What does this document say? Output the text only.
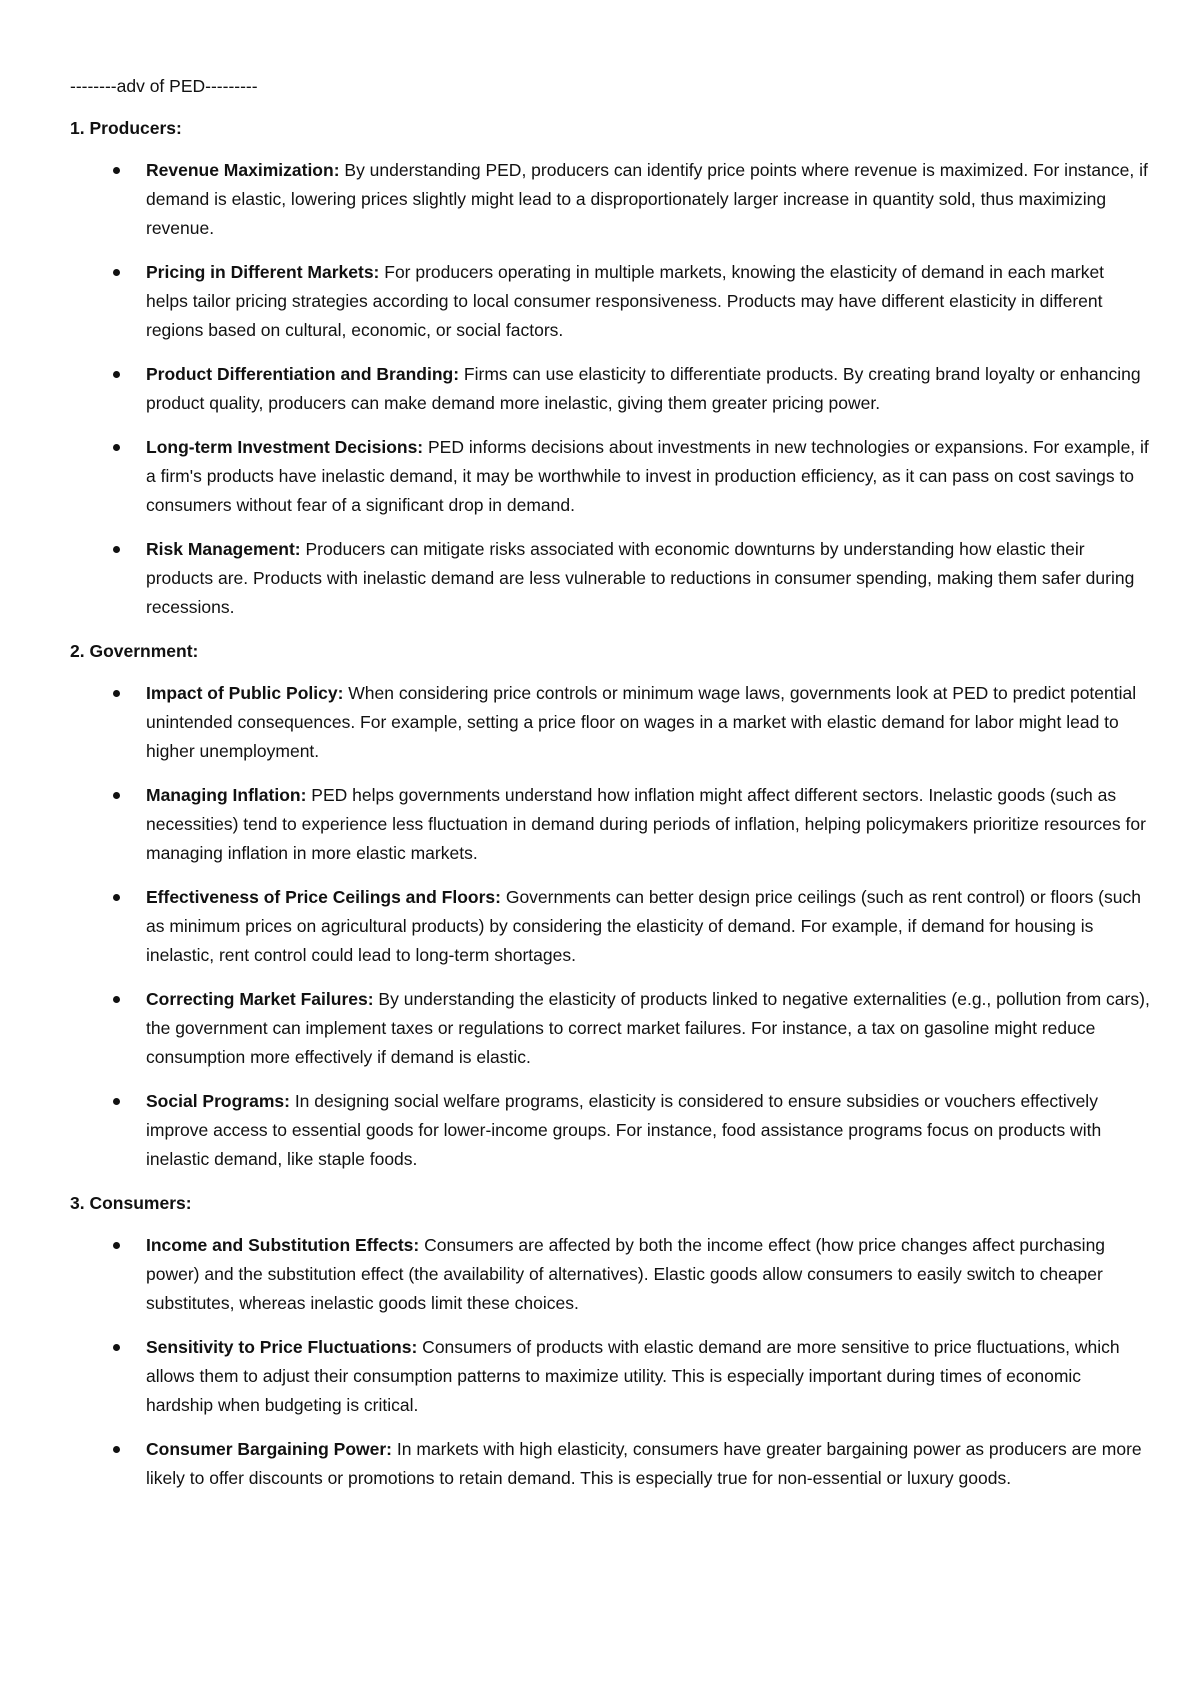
--------adv of PED---------
1. Producers:
Revenue Maximization: By understanding PED, producers can identify price points where revenue is maximized. For instance, if demand is elastic, lowering prices slightly might lead to a disproportionately larger increase in quantity sold, thus maximizing revenue.
Pricing in Different Markets: For producers operating in multiple markets, knowing the elasticity of demand in each market helps tailor pricing strategies according to local consumer responsiveness. Products may have different elasticity in different regions based on cultural, economic, or social factors.
Product Differentiation and Branding: Firms can use elasticity to differentiate products. By creating brand loyalty or enhancing product quality, producers can make demand more inelastic, giving them greater pricing power.
Long-term Investment Decisions: PED informs decisions about investments in new technologies or expansions. For example, if a firm's products have inelastic demand, it may be worthwhile to invest in production efficiency, as it can pass on cost savings to consumers without fear of a significant drop in demand.
Risk Management: Producers can mitigate risks associated with economic downturns by understanding how elastic their products are. Products with inelastic demand are less vulnerable to reductions in consumer spending, making them safer during recessions.
2. Government:
Impact of Public Policy: When considering price controls or minimum wage laws, governments look at PED to predict potential unintended consequences. For example, setting a price floor on wages in a market with elastic demand for labor might lead to higher unemployment.
Managing Inflation: PED helps governments understand how inflation might affect different sectors. Inelastic goods (such as necessities) tend to experience less fluctuation in demand during periods of inflation, helping policymakers prioritize resources for managing inflation in more elastic markets.
Effectiveness of Price Ceilings and Floors: Governments can better design price ceilings (such as rent control) or floors (such as minimum prices on agricultural products) by considering the elasticity of demand. For example, if demand for housing is inelastic, rent control could lead to long-term shortages.
Correcting Market Failures: By understanding the elasticity of products linked to negative externalities (e.g., pollution from cars), the government can implement taxes or regulations to correct market failures. For instance, a tax on gasoline might reduce consumption more effectively if demand is elastic.
Social Programs: In designing social welfare programs, elasticity is considered to ensure subsidies or vouchers effectively improve access to essential goods for lower-income groups. For instance, food assistance programs focus on products with inelastic demand, like staple foods.
3. Consumers:
Income and Substitution Effects: Consumers are affected by both the income effect (how price changes affect purchasing power) and the substitution effect (the availability of alternatives). Elastic goods allow consumers to easily switch to cheaper substitutes, whereas inelastic goods limit these choices.
Sensitivity to Price Fluctuations: Consumers of products with elastic demand are more sensitive to price fluctuations, which allows them to adjust their consumption patterns to maximize utility. This is especially important during times of economic hardship when budgeting is critical.
Consumer Bargaining Power: In markets with high elasticity, consumers have greater bargaining power as producers are more likely to offer discounts or promotions to retain demand. This is especially true for non-essential or luxury goods.
